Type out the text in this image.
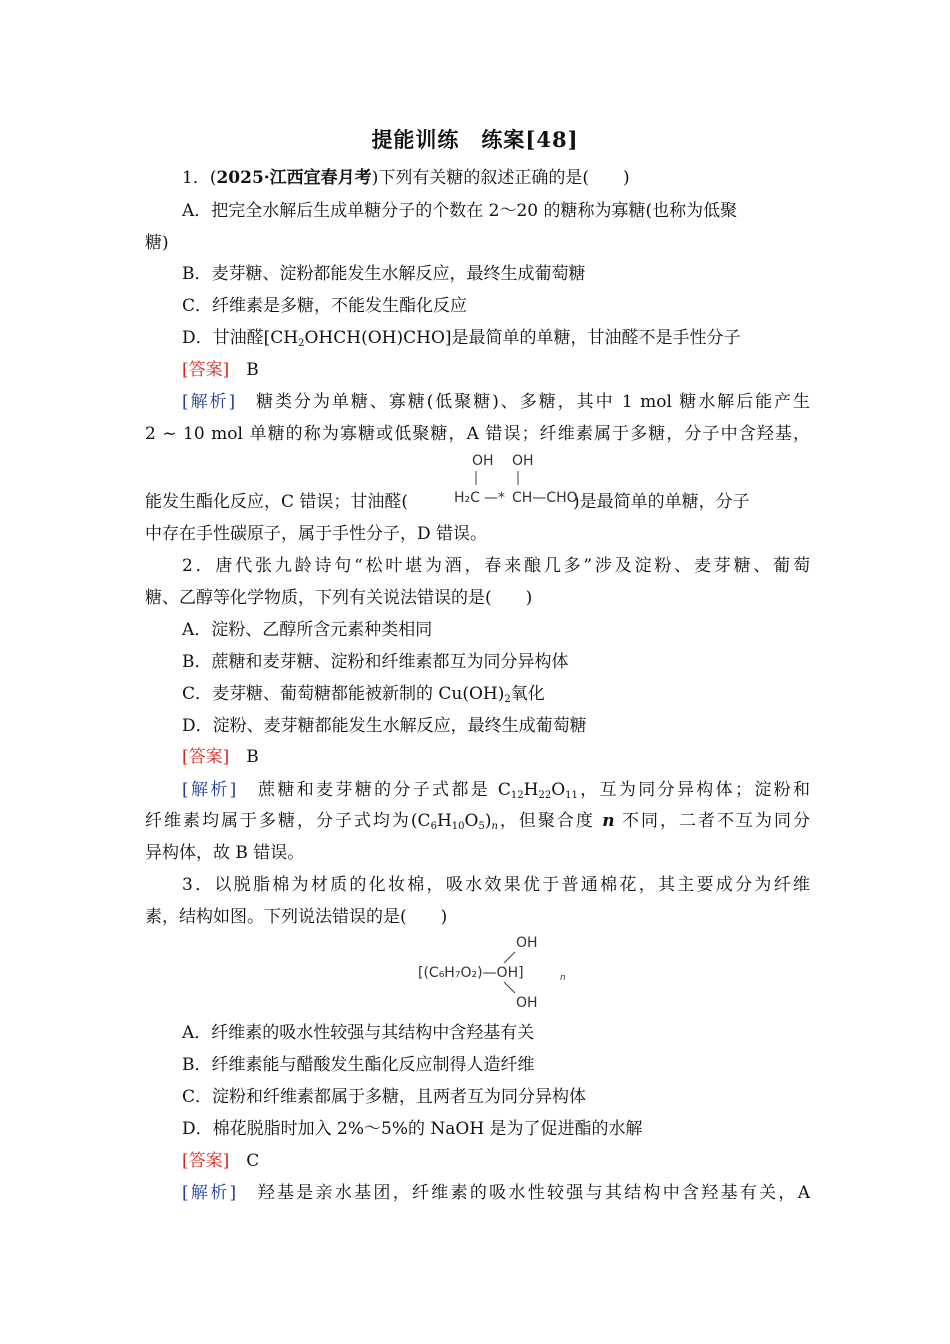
提能训练　练案[48]
1．(2025·江西宜春月考)下列有关糖的叙述正确的是(　　)
A．把完全水解后生成单糖分子的个数在 2～20 的糖称为寡糖(也称为低聚
糖)
B．麦芽糖、淀粉都能发生水解反应，最终生成葡萄糖
C．纤维素是多糖，不能发生酯化反应
D．甘油醛$[CH_2OHCH(OH)CHO]$是最简单的单糖，甘油醛不是手性分子
[答案]　 B
[解析]　 糖类分为单糖、寡糖(低聚糖)、多糖，其中 1 mol 糖水解后能产生
2 ~ 10 mol 单糖的称为寡糖或低聚糖，A 错误；纤维素属于多糖，分子中含羟基，
能发生酯化反应，C 错误；甘油醛(	)是最简单的单糖，分子
OH OH
H₂C —* CH—CHO
中存在手性碳原子，属于手性分子，D 错误。
2．唐代张九龄诗句“松叶堪为酒，春来酿几多”涉及淀粉、麦芽糖、葡萄
糖、乙醇等化学物质，下列有关说法错误的是(　　)
A．淀粉、乙醇所含元素种类相同
B．蔗糖和麦芽糖、淀粉和纤维素都互为同分异构体
C．麦芽糖、葡萄糖都能被新制的 $Cu(OH)_2$氧化
D．淀粉、麦芽糖都能发生水解反应，最终生成葡萄糖
[答案]　 B
[解析]　 蔗糖和麦芽糖的分子式都是 $C_{12}H_{22}O_{11}$，互为同分异构体；淀粉和
纤维素均属于多糖，分子式均为$(C_6H_{10}O_5)_n$，但聚合度 n 不同，二者不互为同分
异构体，故 B 错误。
3．以脱脂棉为材质的化妆棉，吸水效果优于普通棉花，其主要成分为纤维
素，结构如图。下列说法错误的是(　　)
OH
[(C₆H₇O₂)—OH]	n
OH
A．纤维素的吸水性较强与其结构中含羟基有关
B．纤维素能与醋酸发生酯化反应制得人造纤维
C．淀粉和纤维素都属于多糖，且两者互为同分异构体
D．棉花脱脂时加入 2%～5%的 NaOH 是为了促进酯的水解
[答案]　 C
[解析]　 羟基是亲水基团，纤维素的吸水性较强与其结构中含羟基有关，A
